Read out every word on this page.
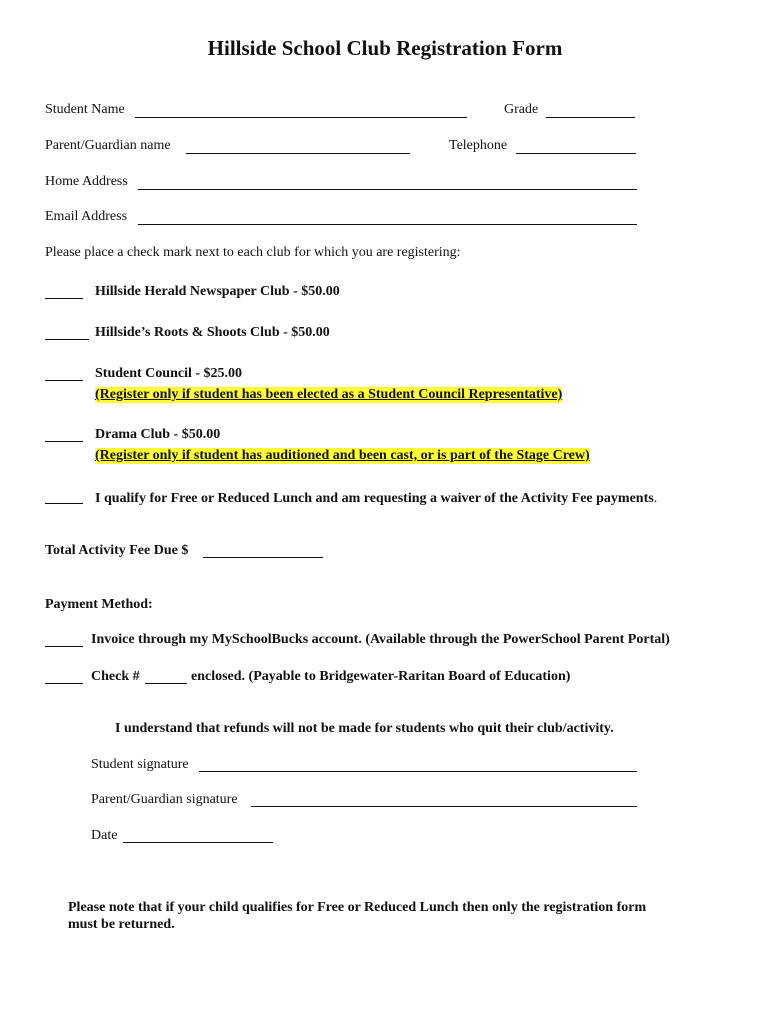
Hillside School Club Registration Form
Student Name	Grade
Parent/Guardian name	Telephone
Home Address
Email Address
Please place a check mark next to each club for which you are registering:
Hillside Herald Newspaper Club - $50.00
Hillside’s Roots & Shoots Club - $50.00
Student Council - $25.00
(Register only if student has been elected as a Student Council Representative)
Drama Club - $50.00
(Register only if student has auditioned and been cast, or is part of the Stage Crew)
I qualify for Free or Reduced Lunch and am requesting a waiver of the Activity Fee payments.
Total Activity Fee Due $
Payment Method:
Invoice through my MySchoolBucks account. (Available through the PowerSchool Parent Portal)
Check #	enclosed. (Payable to Bridgewater-Raritan Board of Education)
I understand that refunds will not be made for students who quit their club/activity.
Student signature
Parent/Guardian signature
Date
Please note that if your child qualifies for Free or Reduced Lunch then only the registration form
must be returned.
